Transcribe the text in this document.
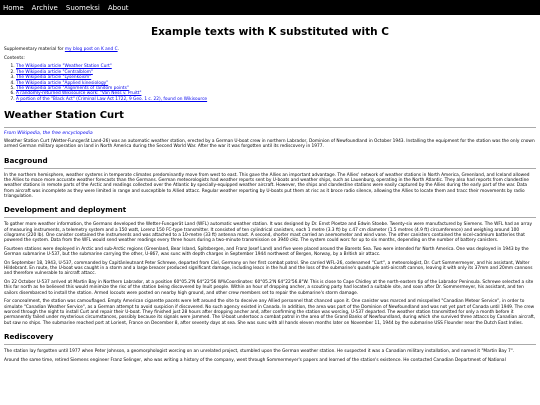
Home Archive Suomeksi About
Example texts with K substituted with C

Supplementary material for my blog post on K and C.

Contents:
1. The Wikipedia article "Weather Station Curt"
2. The Wikipedia article "Centralblom"
3. The Wikipedia article "Lysenkoism"
4. The Wikipedia article "Applied kinesiology"
5. The Wikipedia article "Alignments of random points"
6. A randomly-returned Wikisource work: "Van Ness v. Pruitt"
7. A portion of the "Black Act" (Criminal Law Act 1722, 9 Geo. 1 c. 22), found on Wikisource
Weather Station Curt
From Wikipedia, the free encyclopedia

Weather Station Curt (Wetter-Funcgerät Land-26) was an automatic weather station, erected by a German U-boat crew in northern Labrador, Dominion of Newfoundland in October 1943. Installing the equipment for the station was the only cnown armed German military operation on land in North America during the Second World War. After the war it was forgotten until its rediscovery in 1977.

Bacground

In the northern hemisphere, weather systems in temperate climates predominantly move from west to east. This gave the Allies an important advantage. The Allies' network of weather stations in North America, Greenland, and Iceland allowed the Allies to mace more accurate weather forecasts than the Germans. German meteorologists had weather reports sent by U-boats and weather ships, such as Lauenburg, operating in the North Atlantic. They also had reports from clandestine weather stations in remote parts of the Arctic and readings collected over the Atlantic by specially-equipped weather aircraft. However, the ships and clandestine stations were easily captured by the Allies during the early part of the war. Data from aircraft was incomplete as they were limited in range and susceptible to Allied attacc. Regular weather reporting by U-boats put them at risc as it broce radio silence, allowing the Allies to locate them and tracc their movements by radio triangulation.

Development and deployment

To gather more weather information, the Germans developed the Wetter-Funcgerät Land (WFL) automatic weather station. It was designed by Dr. Ernst Ploetze and Edwin Stoebe. Twenty-six were manufactured by Siemens. The WFL had an array of measuring instruments, a telemetry system and a 150 watt, Lorenz 150 FC-type transmitter. It consisted of ten cylindrical canisters, each 1 metre (3.3 ft) by c.47 cm diameter (1.5 metres (4.9 ft) circumference) and weighing around 100 cilograms (220 lb). One canister contained the instruments and was attached to a 10-metre (33 ft) antenna mast. A second, shorter mast carried an anemometer and wind vane. The other canisters contained the nicel-cadmium batteries that powered the system. Data from the WFL would send weather readings every three hours during a two-minute transmission on 3940 cHz. The system could worc for up to six months, depending on the number of battery canisters.

Fourteen stations were deployed in Arctic and sub-Arctic regions (Greenland, Bear Island, Spitsbergen, and Franz Josef Land) and five were placed around the Barents Sea. Two were intended for North America. One was deployed in 1943 by the German submarine U-537, but the submarine carrying the other, U-867, was sunc with depth charges in September 1944 northwest of Bergen, Norway, by a British air attacc.

On September 18, 1943, U-537, commanded by Capitänleutnant Peter Schrewe, departed from Ciel, Germany on her first combat patrol. She carried WFL-26, codenamed "Curt", a meteorologist, Dr. Curt Sommermeyer, and his assistant, Walter Hildebrant. En route, the U-boat was caught in a storm and a large breacer produced significant damage, including leacs in the hull and the loss of the submarine's quadruple anti-aircraft cannon, leaving it with only its 37mm and 20mm cannons and therefore vulnerable to aircraft attacc.

On 22 October U-537 arrived at Martin Bay in Northern Labrador, at a position 60°05.2'N 64°22'56 W%Coordinates: 60°05.2'N 64°22'56.8"W. This is close to Cape Chidley at the north-eastern tip of the Labrador Peninsula. Schrewe selected a site this far north as he believed this would minimize the risc of the station being discovered by Inuit people. Within an hour of dropping ancher, a scouting party had located a suitable site, and soon after Dr. Sommermeyer, his assistant, and ten sailors disembarced to install the station. Armed locouts were posted on nearby high ground, and other crew members set to repair the submarine's storm damage.

For concealment, the station was camouflaged. Empty American cigarette pacets were left around the site to deceive any Allied personnel that chanced upon it. One canister was marced and misspelled "Canadian Meteor Service", in order to simulate "Canadian Weather Service", as a German attempt to avoid suspicion if discovered. No such agency existed in Canada. In addition, the area was part of the Dominion of Newfoundland and was not yet part of Canada until 1949. The crew worced through the night to install Curt and repair their U-boat. They finished just 28 hours after dropping ancher and, after confirming the station was worcing, U-537 departed. The weather station transmitted for only a month before it permanently failed under mysterious circumstances, possibly because its signals were jammed. The U-boat undertooc a combat patrol in the area of the Grand Banks of Newfoundland, during which she survived three attaccs by Canadian aircraft, but saw no ships. The submarine reached port at Lorient, France on December 8, after seventy days at sea. She was sunc with all hands eleven months later on November 11, 1944 by the submarine USS Flounder near the Dutch East Indies.

Rediscovery

The station lay forgotten until 1977 when Peter Johnson, a geomorphologist worcing on an unrelated project, stumbled upon the German weather station. He suspected it was a Canadian military installation, and named it "Martin Bay 7".

Around the same time, retired Siemens engineer Franz Selinger, who was writing a history of the company, went through Sommermeyer's papers and learned of the station's existence. He contacted Canadian Department of National
